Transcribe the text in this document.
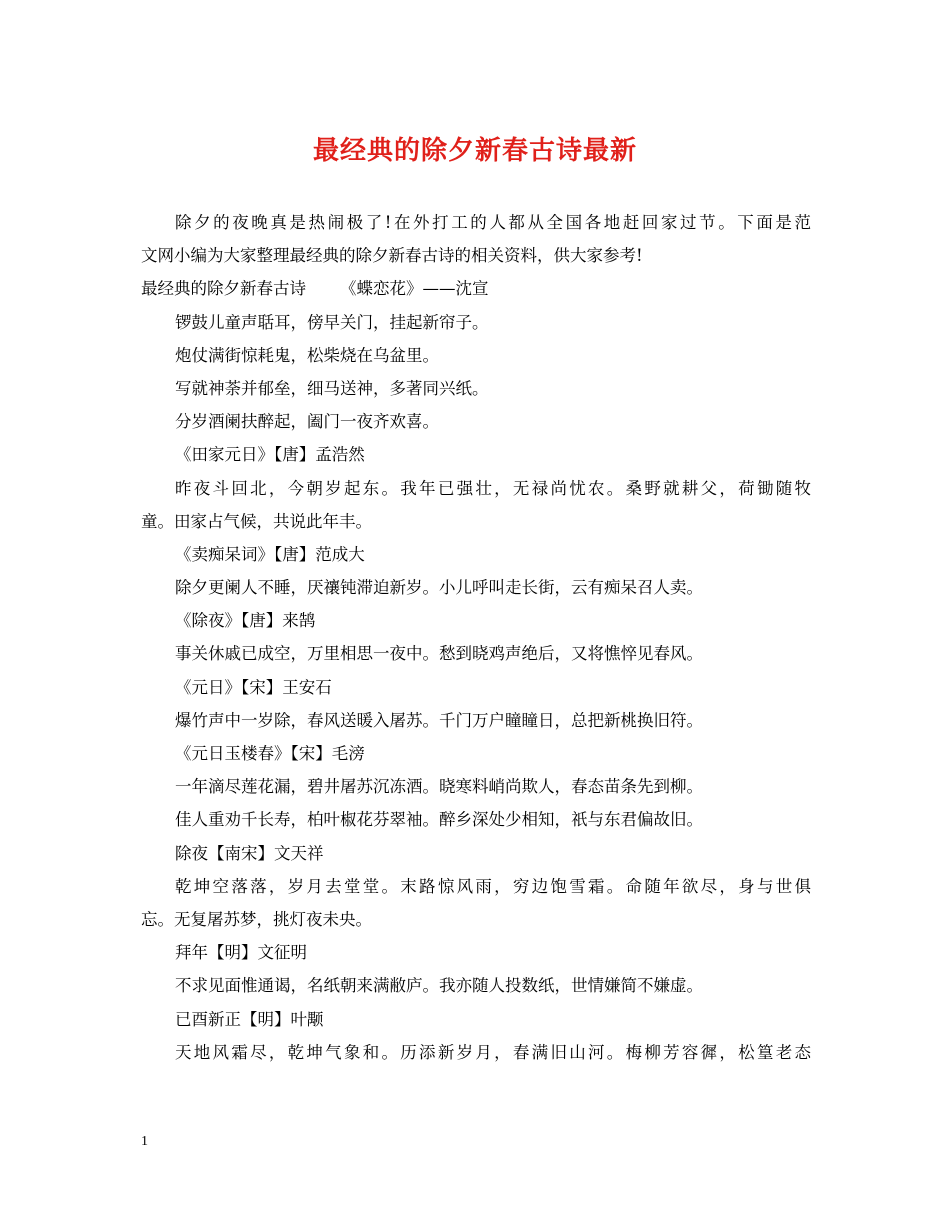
最经典的除夕新春古诗最新
除夕的夜晚真是热闹极了!在外打工的人都从全国各地赶回家过节。下面是范
文网小编为大家整理最经典的除夕新春古诗的相关资料，供大家参考!
最经典的除夕新春古诗 《蝶恋花》——沈宣
锣鼓儿童声聒耳，傍早关门，挂起新帘子。
炮仗满街惊耗鬼，松柴烧在乌盆里。
写就神荼并郁垒，细马送神，多著同兴纸。
分岁酒阑扶醉起，阖门一夜齐欢喜。
《田家元日》【唐】孟浩然
昨夜斗回北，今朝岁起东。我年已强壮，无禄尚忧农。桑野就耕父，荷锄随牧
童。田家占气候，共说此年丰。
《卖痴呆词》【唐】范成大
除夕更阑人不睡，厌禳钝滞迫新岁。小儿呼叫走长街，云有痴呆召人卖。
《除夜》【唐】来鹄
事关休戚已成空，万里相思一夜中。愁到晓鸡声绝后，又将憔悴见春风。
《元日》【宋】王安石
爆竹声中一岁除，春风送暖入屠苏。千门万户瞳瞳日，总把新桃换旧符。
《元日玉楼春》【宋】毛滂
一年滴尽莲花漏，碧井屠苏沉冻酒。晓寒料峭尚欺人，春态苗条先到柳。
佳人重劝千长寿，柏叶椒花芬翠袖。醉乡深处少相知，祇与东君偏故旧。
除夜【南宋】文天祥
乾坤空落落，岁月去堂堂。末路惊风雨，穷边饱雪霜。命随年欲尽，身与世俱
忘。无复屠苏梦，挑灯夜未央。
拜年【明】文征明
不求见面惟通谒，名纸朝来满敝庐。我亦随人投数纸，世情嫌简不嫌虚。
已酉新正【明】叶颙
天地风霜尽，乾坤气象和。历添新岁月，春满旧山河。梅柳芳容徲，松篁老态
1
